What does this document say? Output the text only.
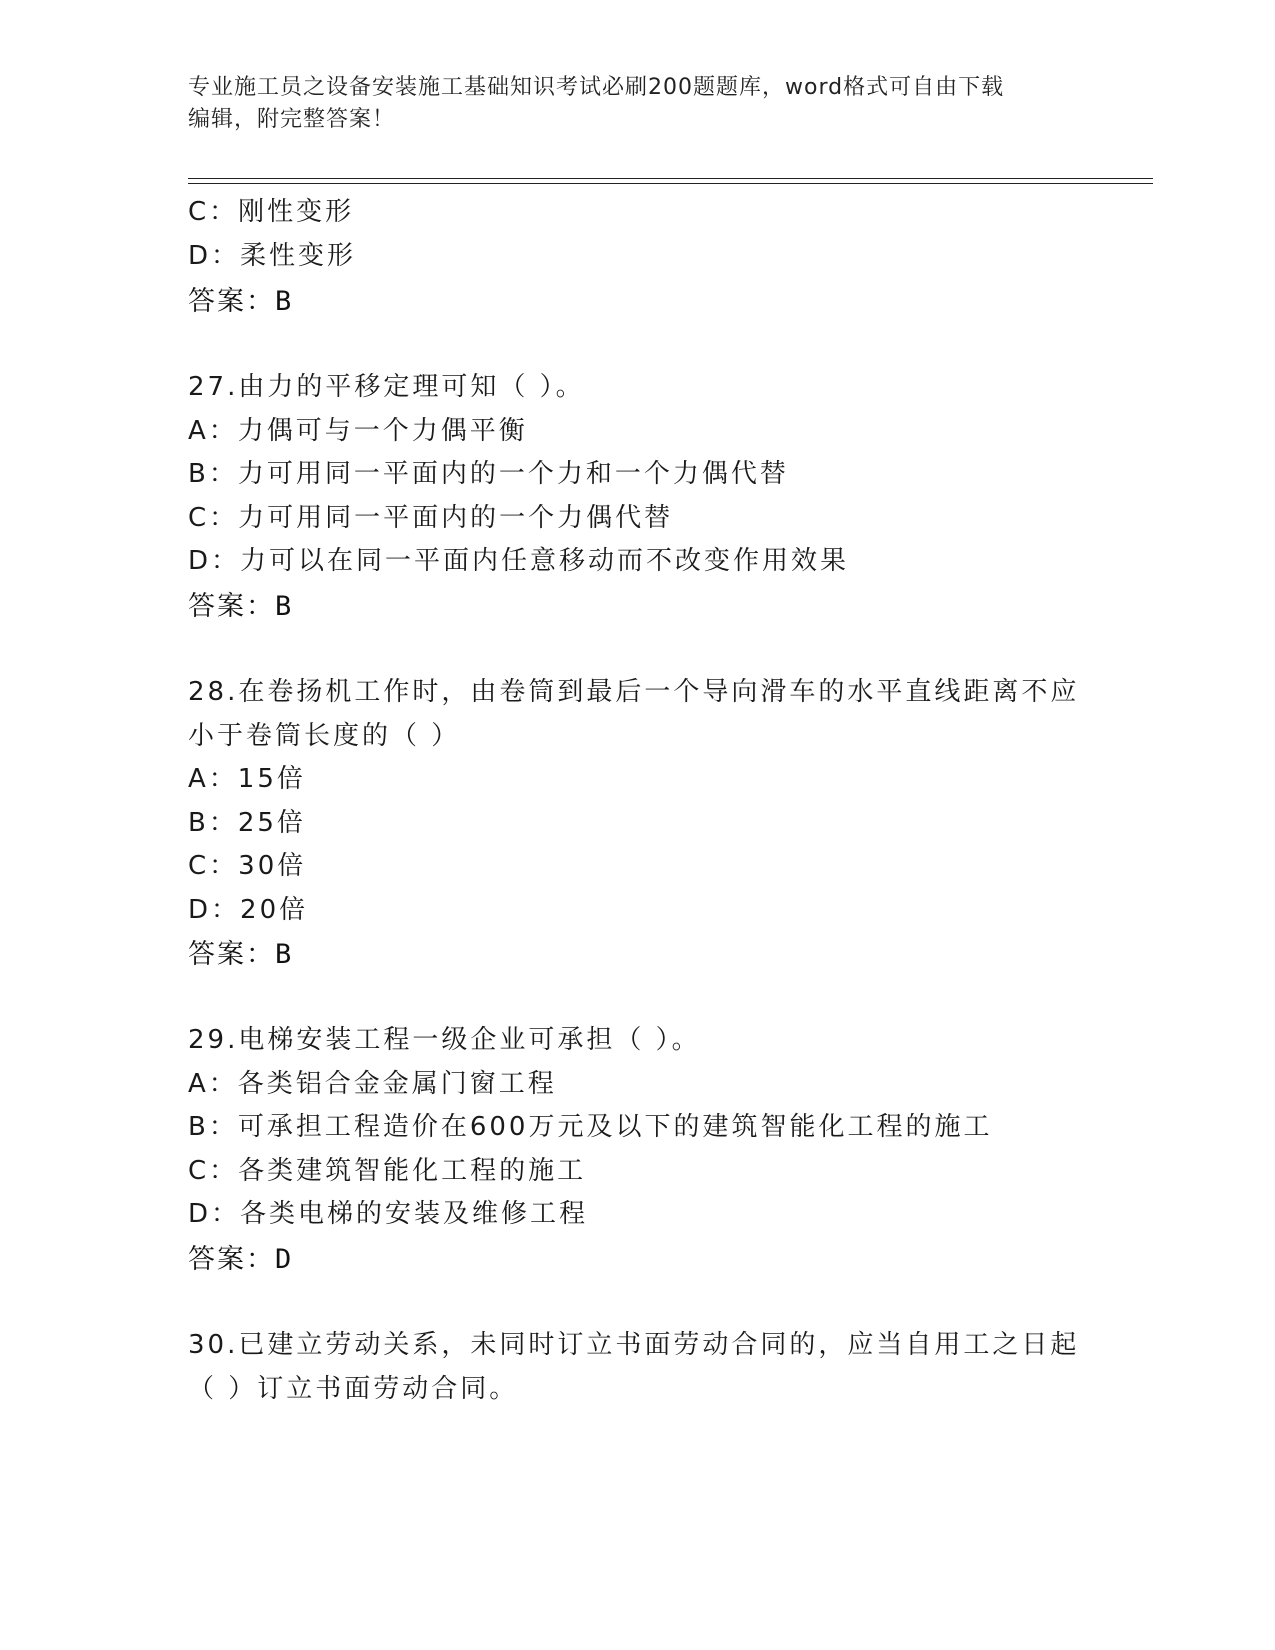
专业施工员之设备安装施工基础知识考试必刷200题题库，word格式可自由下载
编辑，附完整答案！
C：刚性变形
D：柔性变形
答案：B
27.由力的平移定理可知（ ）。
A：力偶可与一个力偶平衡
B：力可用同一平面内的一个力和一个力偶代替
C：力可用同一平面内的一个力偶代替
D：力可以在同一平面内任意移动而不改变作用效果
答案：B
28.在卷扬机工作时，由卷筒到最后一个导向滑车的水平直线距离不应
小于卷筒长度的（ ）
A：15倍
B：25倍
C：30倍
D：20倍
答案：B
29.电梯安装工程一级企业可承担（ ）。
A：各类铝合金金属门窗工程
B：可承担工程造价在600万元及以下的建筑智能化工程的施工
C：各类建筑智能化工程的施工
D：各类电梯的安装及维修工程
答案：D
30.已建立劳动关系，未同时订立书面劳动合同的，应当自用工之日起
（ ）订立书面劳动合同。
